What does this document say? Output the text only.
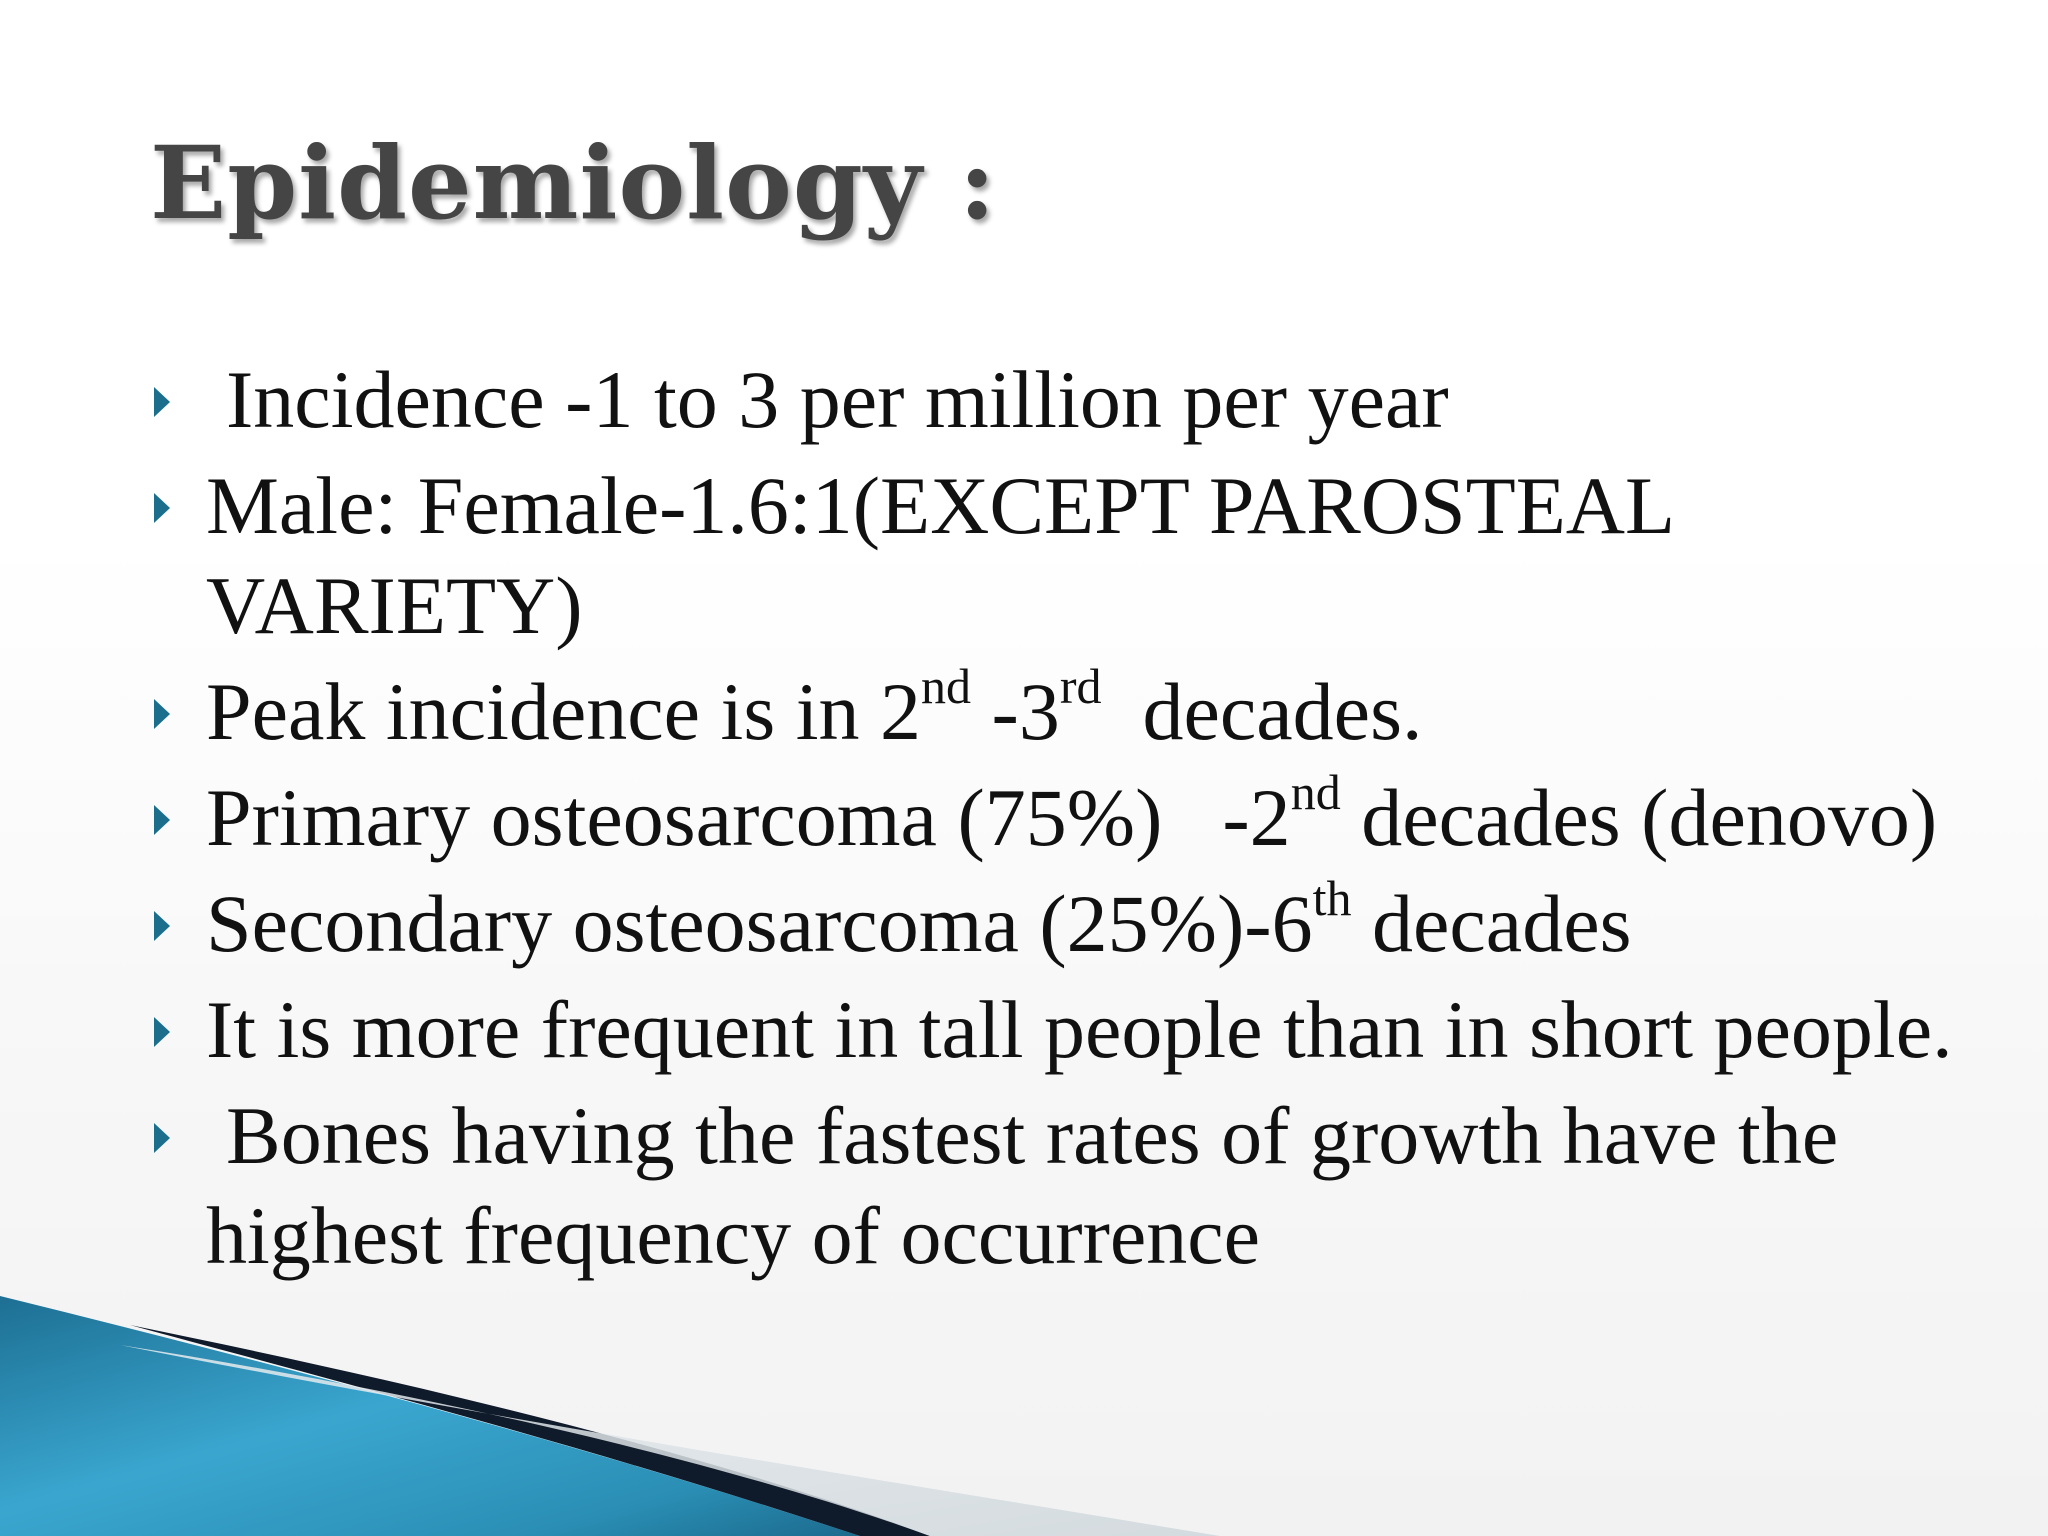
Epidemiology :
Incidence -1 to 3 per million per year
Male: Female-1.6:1(EXCEPT PAROSTEAL
VARIETY)
Peak incidence is in 2nd -3rd  decades.
Primary osteosarcoma (75%) -2nd decades (denovo)
Secondary osteosarcoma (25%)-6th decades
It is more frequent in tall people than in short people.
Bones having the fastest rates of growth have the
highest frequency of occurrence
